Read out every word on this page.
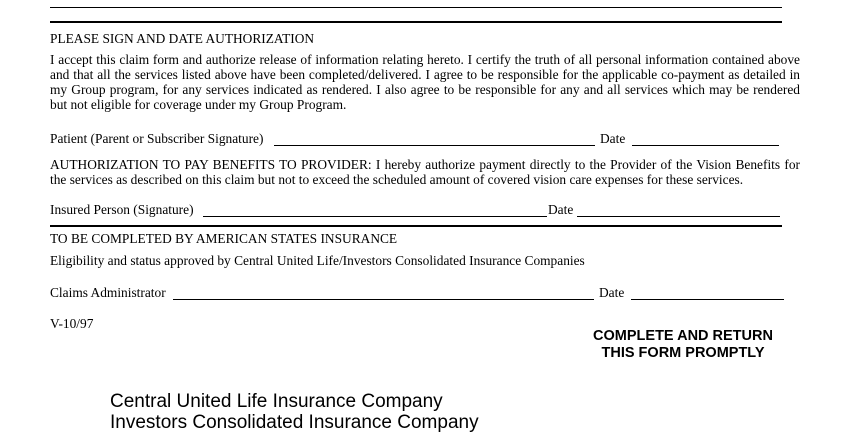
PLEASE SIGN AND DATE AUTHORIZATION
I accept this claim form and authorize release of information relating hereto. I certify the truth of all personal information contained above and that all the services listed above have been completed/delivered. I agree to be responsible for the applicable co-payment as detailed in my Group program, for any services indicated as rendered. I also agree to be responsible for any and all services which may be rendered but not eligible for coverage under my Group Program.
Patient (Parent or Subscriber Signature)	Date
AUTHORIZATION TO PAY BENEFITS TO PROVIDER: I hereby authorize payment directly to the Provider of the Vision Benefits for the services as described on this claim but not to exceed the scheduled amount of covered vision care expenses for these services.
Insured Person (Signature)	Date
TO BE COMPLETED BY AMERICAN STATES INSURANCE
Eligibility and status approved by Central United Life/Investors Consolidated Insurance Companies
Claims Administrator	Date
V-10/97
COMPLETE AND RETURN
THIS FORM PROMPTLY
Central United Life Insurance Company
Investors Consolidated Insurance Company
